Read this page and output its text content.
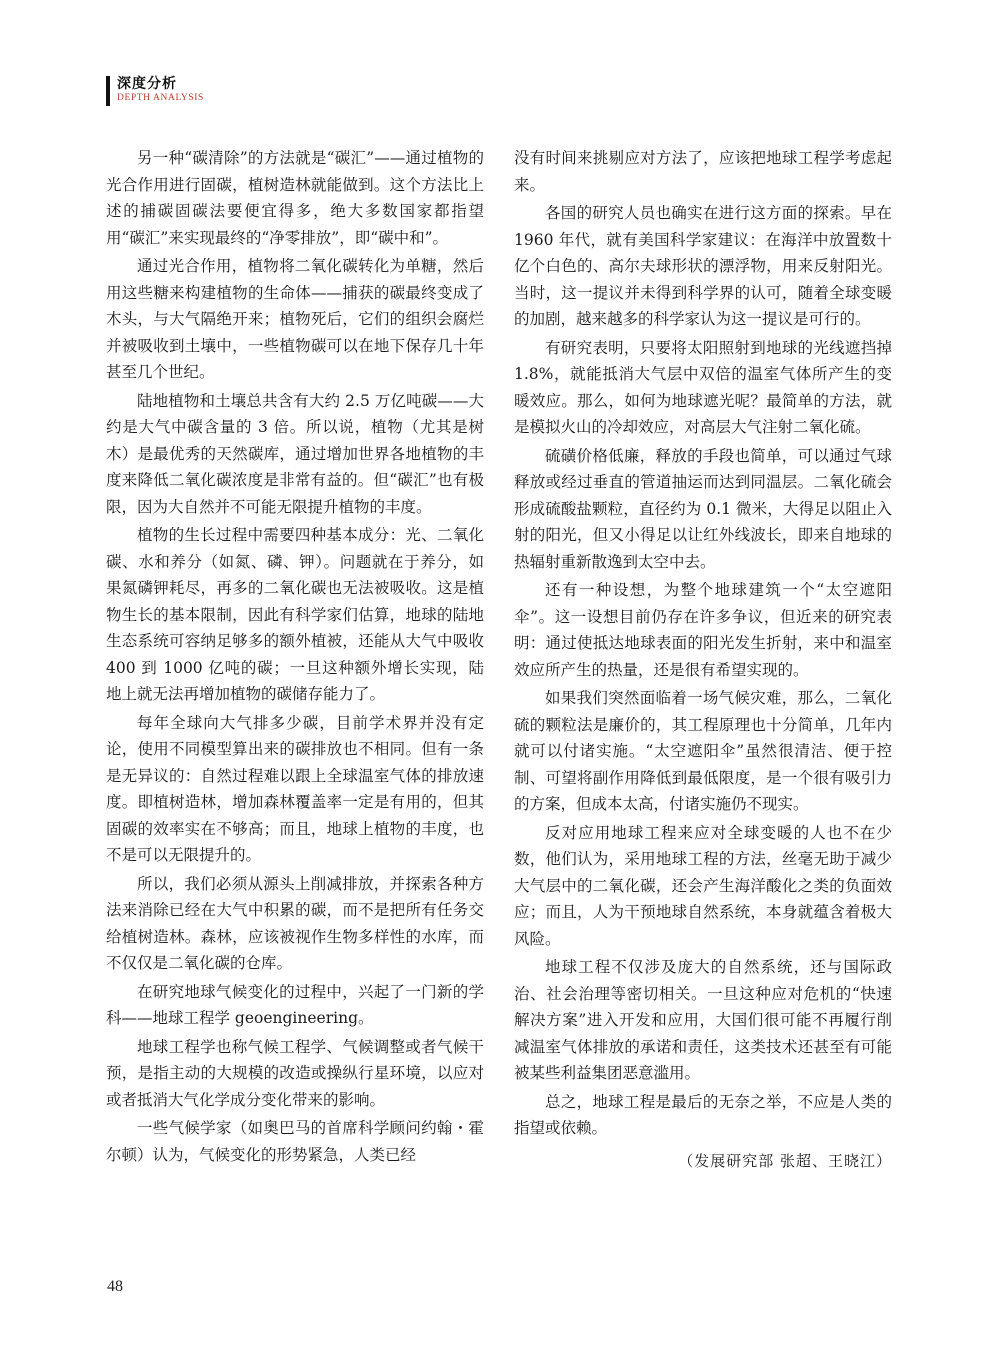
深度分析
DEPTH ANALYSIS

另一种“碳清除”的方法就是“碳汇”——通过植物的光合作用进行固碳，植树造林就能做到。这个方法比上述的捕碳固碳法要便宜得多，绝大多数国家都指望用“碳汇”来实现最终的“净零排放”，即“碳中和”。

通过光合作用，植物将二氧化碳转化为单糖，然后用这些糖来构建植物的生命体——捕获的碳最终变成了木头，与大气隔绝开来；植物死后，它们的组织会腐烂并被吸收到土壤中，一些植物碳可以在地下保存几十年甚至几个世纪。

陆地植物和土壤总共含有大约 2.5 万亿吨碳——大约是大气中碳含量的 3 倍。所以说，植物（尤其是树木）是最优秀的天然碳库，通过增加世界各地植物的丰度来降低二氧化碳浓度是非常有益的。但“碳汇”也有极限，因为大自然并不可能无限提升植物的丰度。

植物的生长过程中需要四种基本成分：光、二氧化碳、水和养分（如氮、磷、钾）。问题就在于养分，如果氮磷钾耗尽，再多的二氧化碳也无法被吸收。这是植物生长的基本限制，因此有科学家们估算，地球的陆地生态系统可容纳足够多的额外植被，还能从大气中吸收 400 到 1000 亿吨的碳；一旦这种额外增长实现，陆地上就无法再增加植物的碳储存能力了。

每年全球向大气排多少碳，目前学术界并没有定论，使用不同模型算出来的碳排放也不相同。但有一条是无异议的：自然过程难以跟上全球温室气体的排放速度。即植树造林，增加森林覆盖率一定是有用的，但其固碳的效率实在不够高；而且，地球上植物的丰度，也不是可以无限提升的。

所以，我们必须从源头上削减排放，并探索各种方法来消除已经在大气中积累的碳，而不是把所有任务交给植树造林。森林，应该被视作生物多样性的水库，而不仅仅是二氧化碳的仓库。

在研究地球气候变化的过程中，兴起了一门新的学科——地球工程学 geoengineering。

地球工程学也称气候工程学、气候调整或者气候干预，是指主动的大规模的改造或操纵行星环境，以应对或者抵消大气化学成分变化带来的影响。

一些气候学家（如奥巴马的首席科学顾问约翰・霍尔顿）认为，气候变化的形势紧急，人类已经

没有时间来挑剔应对方法了，应该把地球工程学考虑起来。

各国的研究人员也确实在进行这方面的探索。早在 1960 年代，就有美国科学家建议：在海洋中放置数十亿个白色的、高尔夫球形状的漂浮物，用来反射阳光。当时，这一提议并未得到科学界的认可，随着全球变暖的加剧，越来越多的科学家认为这一提议是可行的。

有研究表明，只要将太阳照射到地球的光线遮挡掉 1.8%，就能抵消大气层中双倍的温室气体所产生的变暖效应。那么，如何为地球遮光呢？最简单的方法，就是模拟火山的冷却效应，对高层大气注射二氧化硫。

硫磺价格低廉，释放的手段也简单，可以通过气球释放或经过垂直的管道抽运而达到同温层。二氧化硫会形成硫酸盐颗粒，直径约为 0.1 微米，大得足以阻止入射的阳光，但又小得足以让红外线波长，即来自地球的热辐射重新散逸到太空中去。

还有一种设想，为整个地球建筑一个“太空遮阳伞”。这一设想目前仍存在许多争议，但近来的研究表明：通过使抵达地球表面的阳光发生折射，来中和温室效应所产生的热量，还是很有希望实现的。

如果我们突然面临着一场气候灾难，那么，二氧化硫的颗粒法是廉价的，其工程原理也十分简单，几年内就可以付诸实施。“太空遮阳伞”虽然很清洁、便于控制、可望将副作用降低到最低限度，是一个很有吸引力的方案，但成本太高，付诸实施仍不现实。

反对应用地球工程来应对全球变暖的人也不在少数，他们认为，采用地球工程的方法，丝毫无助于减少大气层中的二氧化碳，还会产生海洋酸化之类的负面效应；而且，人为干预地球自然系统，本身就蕴含着极大风险。

地球工程不仅涉及庞大的自然系统，还与国际政治、社会治理等密切相关。一旦这种应对危机的“快速解决方案”进入开发和应用，大国们很可能不再履行削减温室气体排放的承诺和责任，这类技术还甚至有可能被某些利益集团恶意滥用。

总之，地球工程是最后的无奈之举，不应是人类的指望或依赖。

（发展研究部 张超、王晓江）

48
